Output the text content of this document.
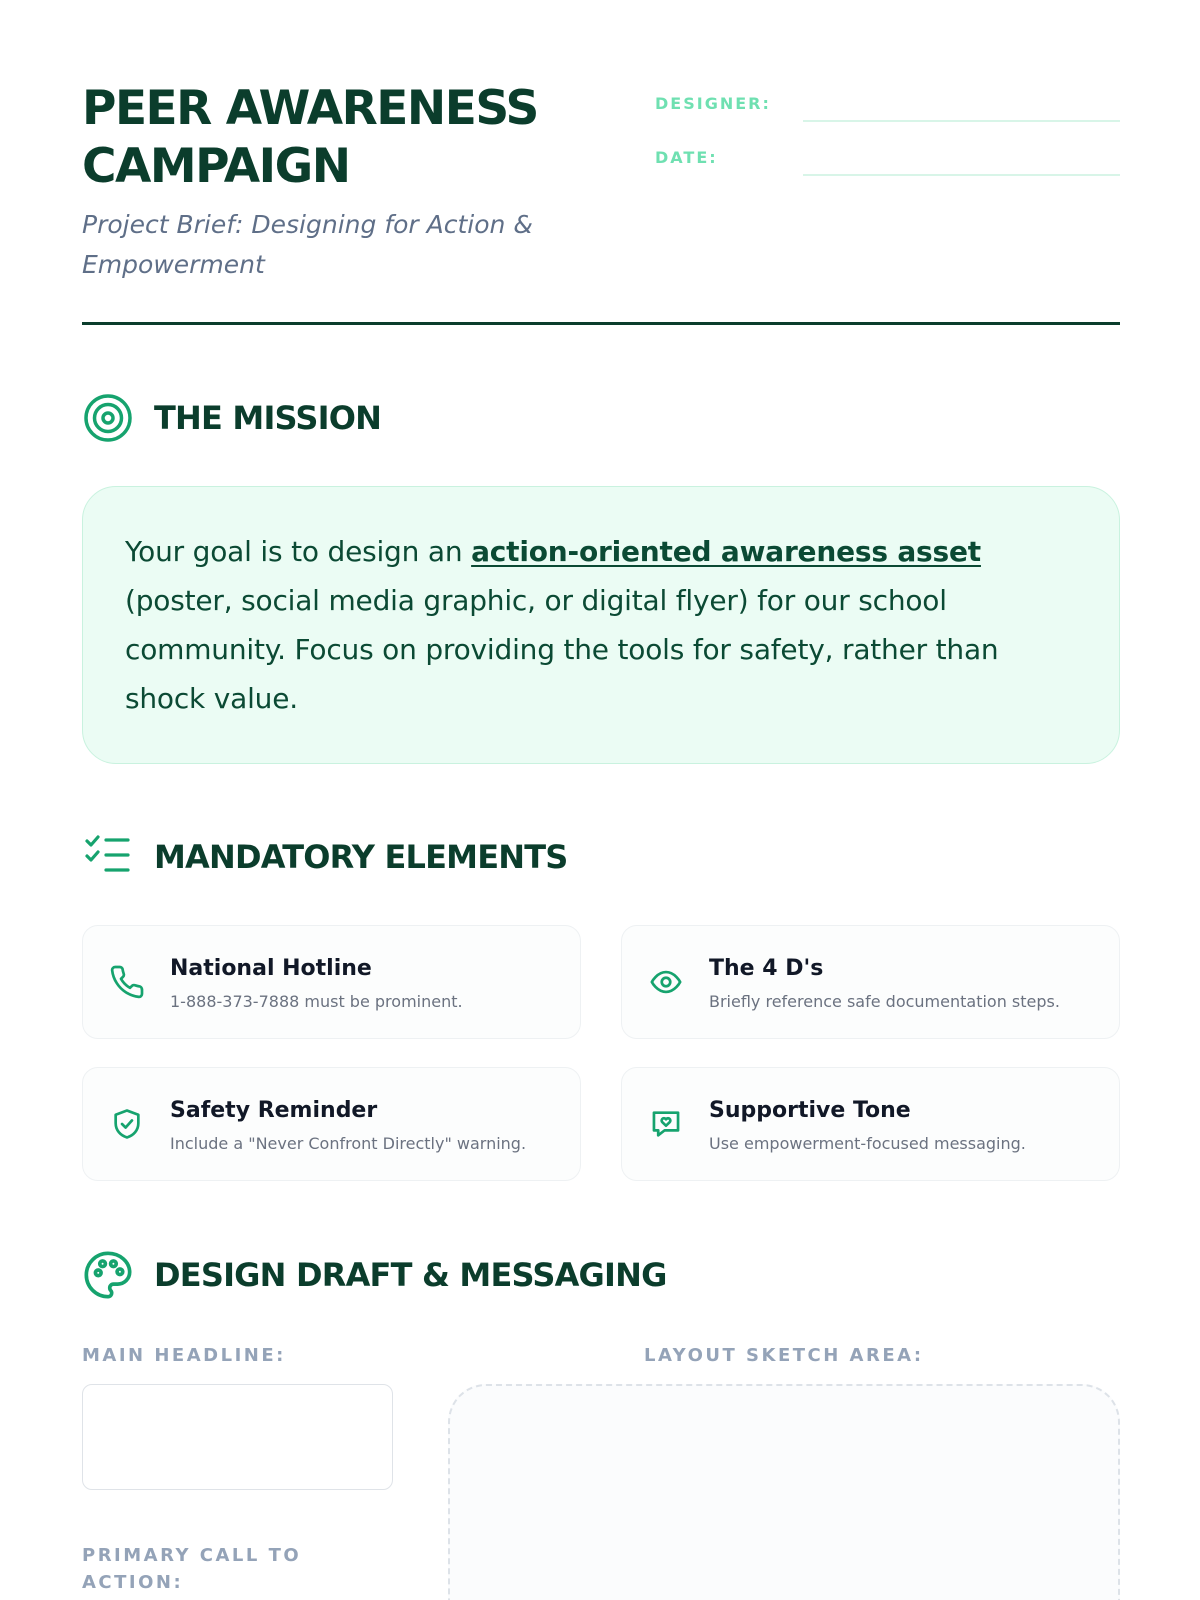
PEER AWARENESS CAMPAIGN
Project Brief: Designing for Action & Empowerment
DESIGNER:
DATE:
THE MISSION

Your goal is to design an action-oriented awareness asset (poster, social media graphic, or digital flyer) for our school community. Focus on providing the tools for safety, rather than shock value.

MANDATORY ELEMENTS
National Hotline
1-888-373-7888 must be prominent.
The 4 D's
Briefly reference safe documentation steps.
Safety Reminder
Include a "Never Confront Directly" warning.
Supportive Tone
Use empowerment-focused messaging.
DESIGN DRAFT & MESSAGING
MAIN HEADLINE:	LAYOUT SKETCH AREA:
PRIMARY CALL TO ACTION:
